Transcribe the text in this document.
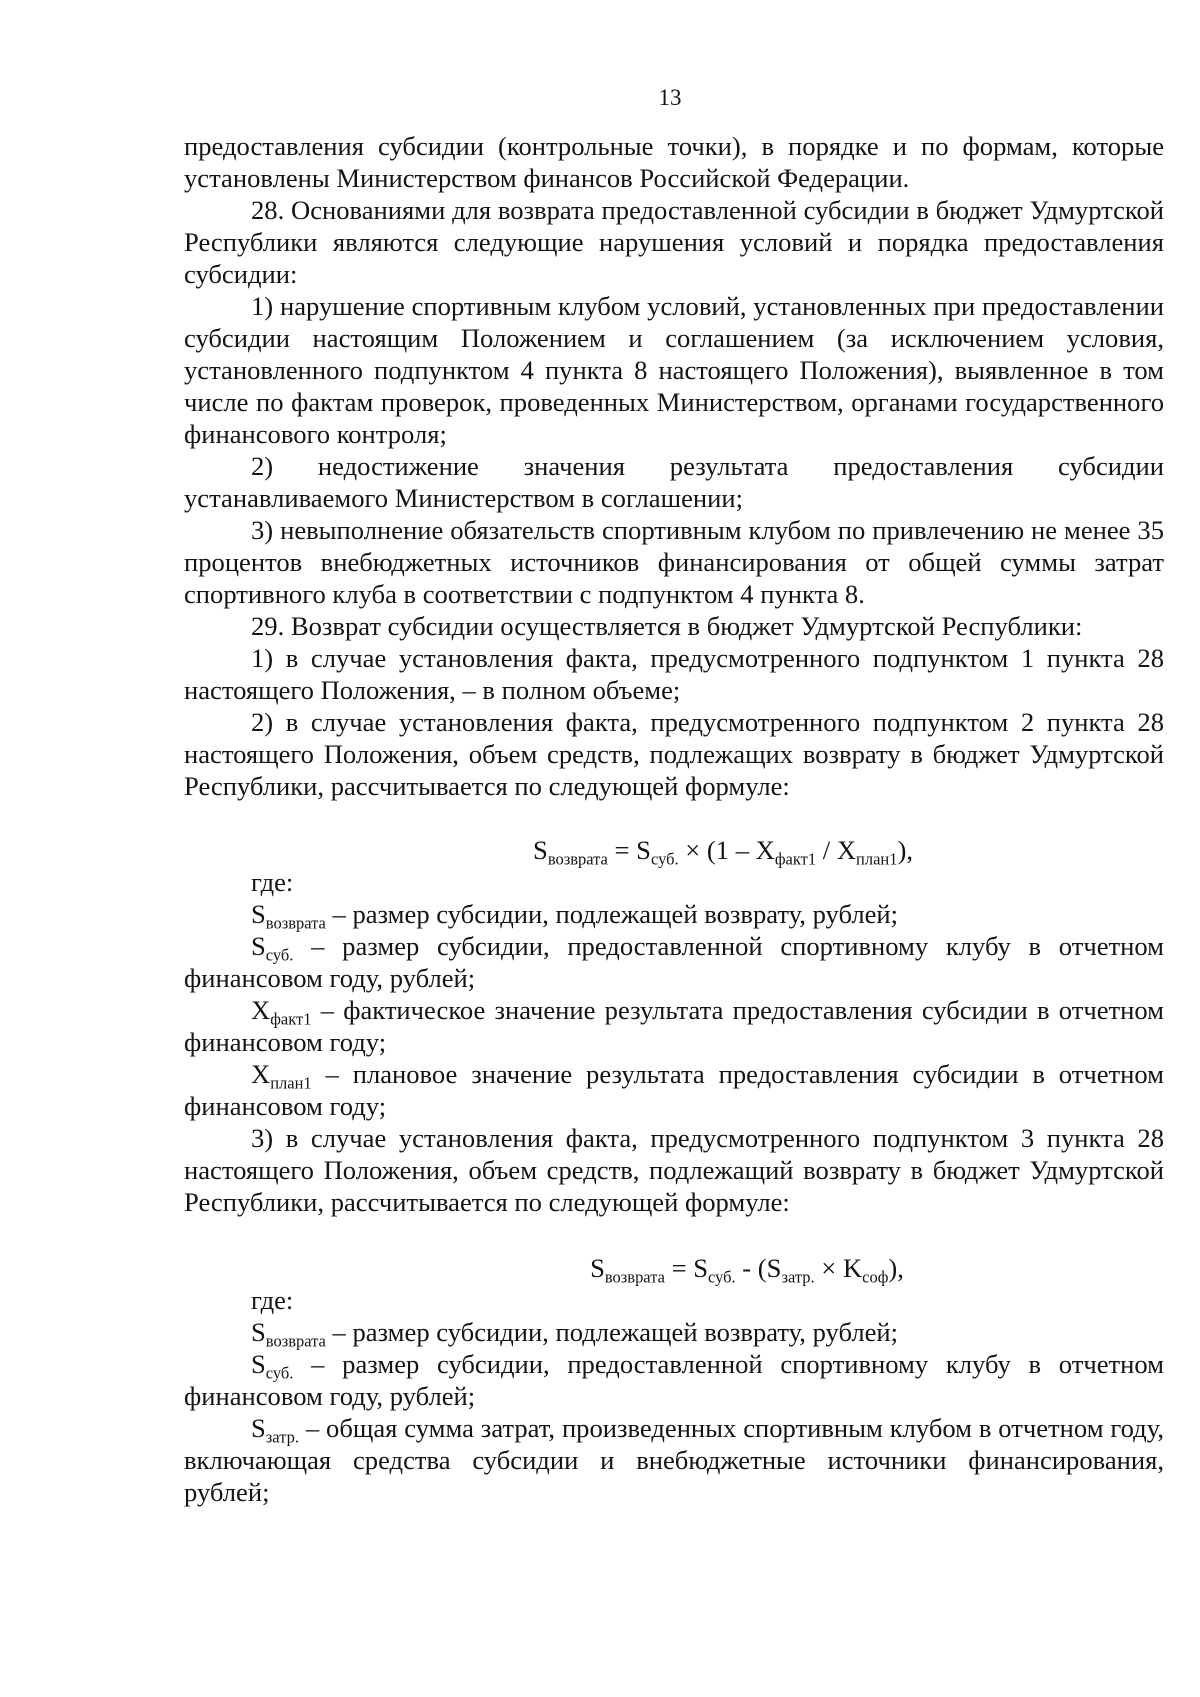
13

предоставления субсидии (контрольные точки), в порядке и по формам, которые установлены Министерством финансов Российской Федерации.

28. Основаниями для возврата предоставленной субсидии в бюджет Удмуртской Республики являются следующие нарушения условий и порядка предоставления субсидии:

1) нарушение спортивным клубом условий, установленных при предоставлении субсидии настоящим Положением и соглашением (за исключением условия, установленного подпунктом 4 пункта 8 настоящего Положения), выявленное в том числе по фактам проверок, проведенных Министерством, органами государственного финансового контроля;

2) недостижение значения результата предоставления субсидии устанавливаемого Министерством в соглашении;

3) невыполнение обязательств спортивным клубом по привлечению не менее 35 процентов внебюджетных источников финансирования от общей суммы затрат спортивного клуба в соответствии с подпунктом 4 пункта 8.

29. Возврат субсидии осуществляется в бюджет Удмуртской Республики:

1) в случае установления факта, предусмотренного подпунктом 1 пункта 28 настоящего Положения, – в полном объеме;

2) в случае установления факта, предусмотренного подпунктом 2 пункта 28 настоящего Положения, объем средств, подлежащих возврату в бюджет Удмуртской Республики, рассчитывается по следующей формуле:

$S_{возврата} = S_{суб.} \times (1 - X_{факт1} / X_{план1})$,

где:

$S_{возврата}$ – размер субсидии, подлежащей возврату, рублей;

$S_{суб.}$ – размер субсидии, предоставленной спортивному клубу в отчетном финансовом году, рублей;

$X_{факт1}$ – фактическое значение результата предоставления субсидии в отчетном финансовом году;

$X_{план1}$ – плановое значение результата предоставления субсидии в отчетном финансовом году;

3) в случае установления факта, предусмотренного подпунктом 3 пункта 28 настоящего Положения, объем средств, подлежащий возврату в бюджет Удмуртской Республики, рассчитывается по следующей формуле:

$S_{возврата} = S_{суб.} - (S_{затр.} \times K_{соф})$,

где:

$S_{возврата}$ – размер субсидии, подлежащей возврату, рублей;

$S_{суб.}$ – размер субсидии, предоставленной спортивному клубу в отчетном финансовом году, рублей;

$S_{затр.}$ – общая сумма затрат, произведенных спортивным клубом в отчетном году, включающая средства субсидии и внебюджетные источники финансирования, рублей;
